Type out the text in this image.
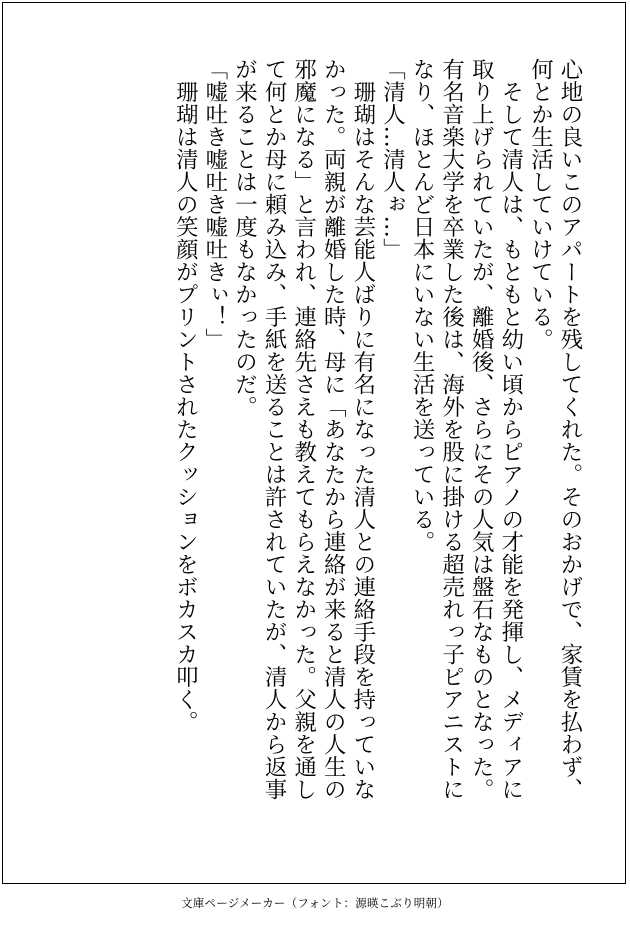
心地の良いこのアパートを残してくれた。そのおかげで、家賃を払わず、

何とか生活していけている。

　そして清人は、もともと幼い頃からピアノの才能を発揮し、メディアに

取り上げられていたが、離婚後、さらにその人気は盤石なものとなった。

有名音楽大学を卒業した後は、海外を股に掛ける超売れっ子ピアニストに

なり、ほとんど日本にいない生活を送っている。

「清人…清人ぉ…」

　珊瑚はそんな芸能人ばりに有名になった清人との連絡手段を持っていな

かった。両親が離婚した時、母に「あなたから連絡が来ると清人の人生の

邪魔になる」と言われ、連絡先さえも教えてもらえなかった。父親を通し

て何とか母に頼み込み、手紙を送ることは許されていたが、清人から返事

が来ることは一度もなかったのだ。

「嘘吐き嘘吐き嘘吐きぃ！」

　珊瑚は清人の笑顔がプリントされたクッションをボカスカ叩く。

文庫ページメーカー（フォント：源暎こぶり明朝）
